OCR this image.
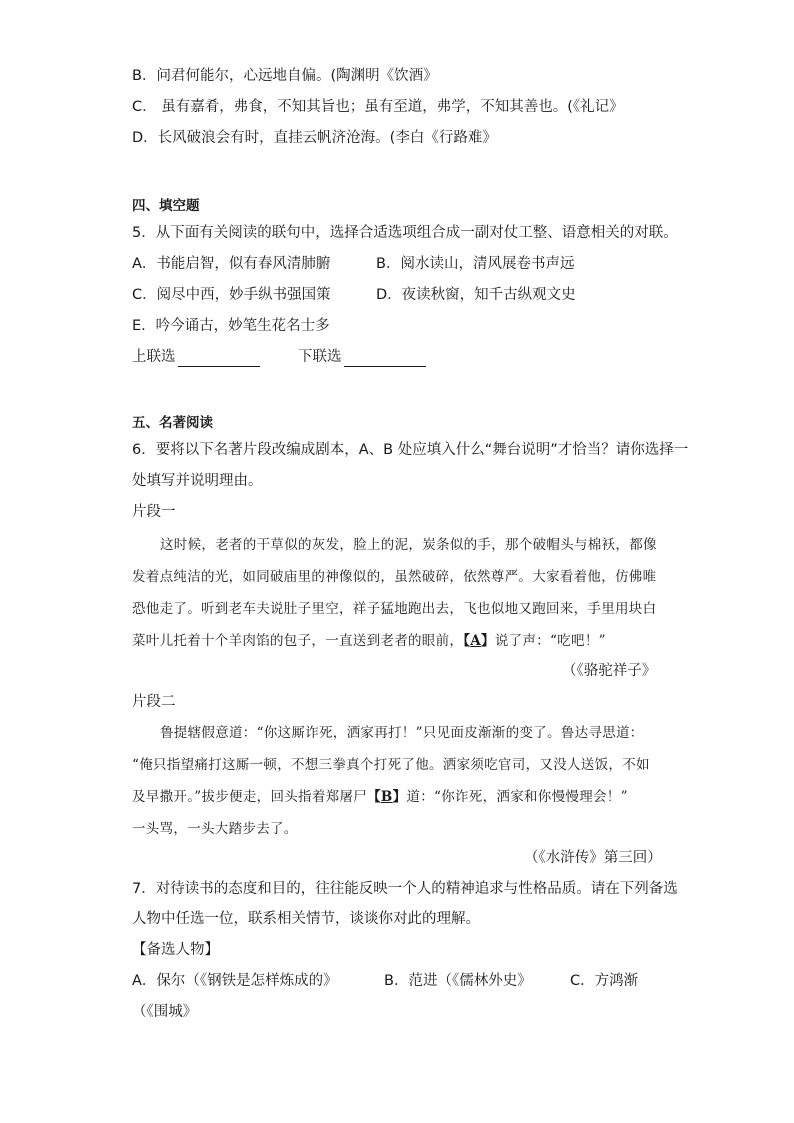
B．问君何能尔，心远地自偏。(陶渊明《饮酒》
C． 虽有嘉肴，弗食，不知其旨也；虽有至道，弗学，不知其善也。(《礼记》
D．长风破浪会有时，直挂云帆济沧海。(李白《行路难》
四、填空题
5．从下面有关阅读的联句中，选择合适选项组合成一副对仗工整、语意相关的对联。
A．书能启智，似有春风清肺腑	B．阅水读山，清风展卷书声远
C．阅尽中西，妙手纵书强国策	D．夜读秋窗，知千古纵观文史
E．吟今诵古，妙笔生花名士多
上联选	下联选
五、名著阅读
6．要将以下名著片段改编成剧本，A、B 处应填入什么“舞台说明”才恰当？请你选择一
处填写并说明理由。
片段一
这时候，老者的干草似的灰发，脸上的泥，炭条似的手，那个破帽头与棉袄，都像
发着点纯洁的光，如同破庙里的神像似的，虽然破碎，依然尊严。大家看着他，仿佛唯
恐他走了。听到老车夫说肚子里空，祥子猛地跑出去，飞也似地又跑回来，手里用块白
菜叶儿托着十个羊肉馅的包子，一直送到老者的眼前，【A】说了声：“吃吧！”
（《骆驼祥子》
片段二
鲁提辖假意道：“你这厮诈死，洒家再打！”只见面皮渐渐的变了。鲁达寻思道：
“俺只指望痛打这厮一顿，不想三拳真个打死了他。洒家须吃官司，又没人送饭，不如
及早撒开。”拔步便走，回头指着郑屠尸【B】道：“你诈死，洒家和你慢慢理会！”
一头骂，一头大踏步去了。
（《水浒传》第三回）
7．对待读书的态度和目的，往往能反映一个人的精神追求与性格品质。请在下列备选
人物中任选一位，联系相关情节，谈谈你对此的理解。
【备选人物】
A．保尔（《钢铁是怎样炼成的》	B．范进（《儒林外史》	C．方鸿渐
（《围城》
